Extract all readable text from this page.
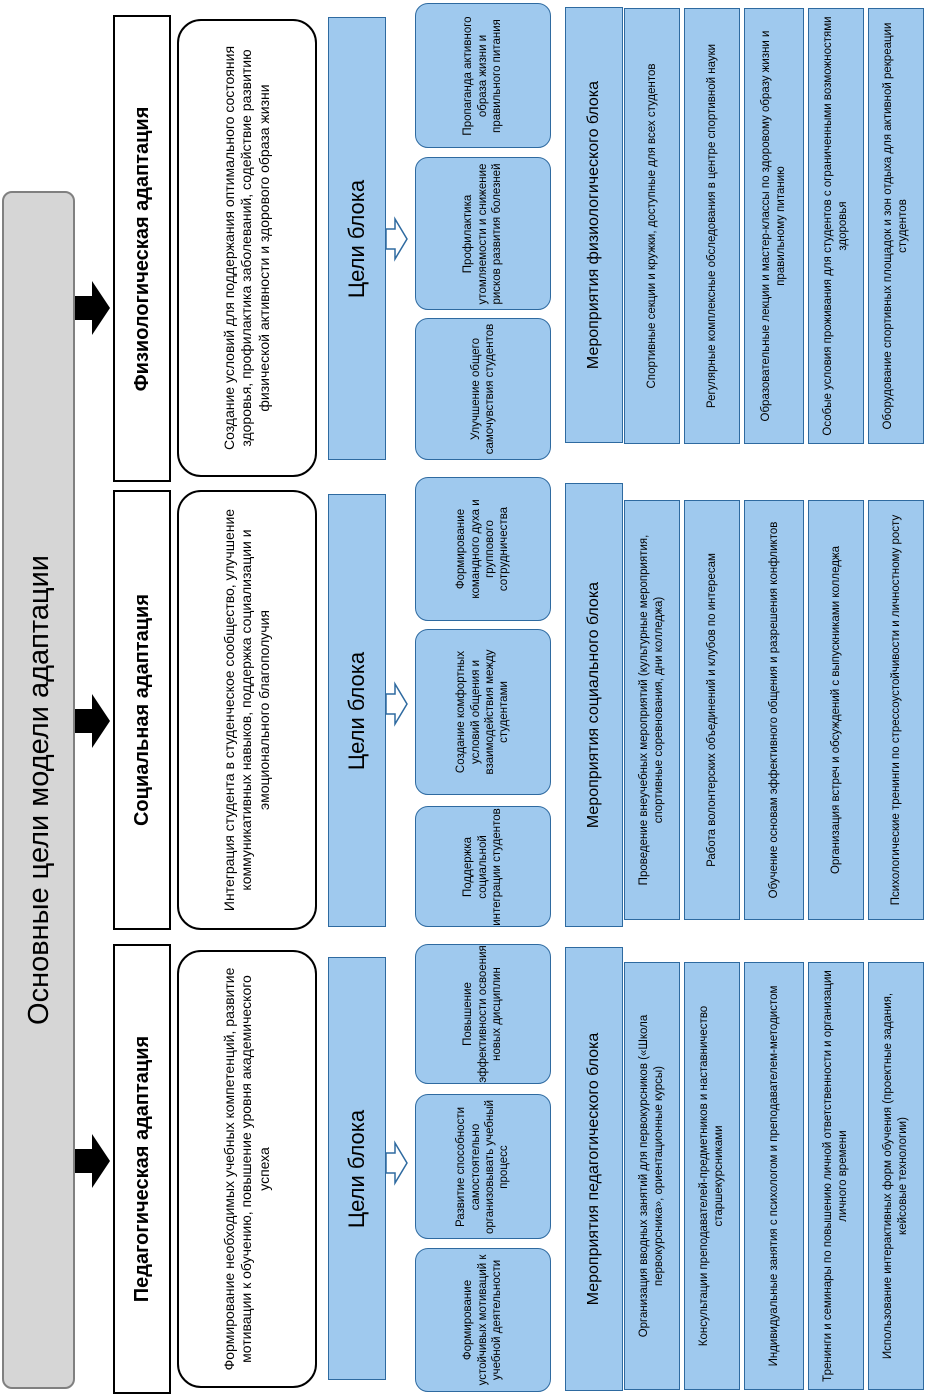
Основные цели модели адаптации
Физиологическая адаптация	Создание условий для поддержания оптимального состояния здоровья, профилактика заболеваний, содействие развитию физической активности и здорового образа жизни	Цели блока
Улучшение общего самочувствия студентов
Профилактика утомляемости и снижение рисков развития болезней
Пропаганда активного образа жизни и правильного питания
Мероприятия физиологического блока	Спортивные секции и кружки, доступные для всех студентов	Регулярные комплексные обследования в центре спортивной науки	Образовательные лекции и мастер-классы по здоровому образу жизни и правильному питанию	Особые условия проживания для студентов с ограниченными возможностями здоровья	Оборудование спортивных площадок и зон отдыха для активной рекреации студентов
Социальная адаптация	Интеграция студента в студенческое сообщество, улучшение коммуникативных навыков, поддержка социализации и эмоционального благополучия	Цели блока
Поддержка социальной интеграции студентов
Создание комфортных условий общения и взаимодействия между студентами
Формирование командного духа и группового сотрудничества
Мероприятия социального блока	Проведение внеучебных мероприятий (культурные мероприятия, спортивные соревнования, дни колледжа)	Работа волонтерских объединений и клубов по интересам	Обучение основам эффективного общения и разрешения конфликтов	Организация встреч и обсуждений с выпускниками колледжа	Психологические тренинги по стрессоустойчивости и личностному росту
Педагогическая адаптация	Формирование необходимых учебных компетенций, развитие мотивации к обучению, повышение уровня академического успеха	Цели блока
Формирование устойчивых мотиваций к учебной деятельности
Развитие способности самостоятельно организовывать учебный процесс
Повышение эффективности освоения новых дисциплин
Мероприятия педагогического блока	Организация вводных занятий для первокурсников («Школа первокурсника», ориентационные курсы)	Консультации преподавателей-предметников и наставничество старшекурсниками	Индивидуальные занятия с психологом и преподавателем-методистом	Тренинги и семинары по повышению личной ответственности и организации личного времени	Использование интерактивных форм обучения (проектные задания, кейсовые технологии)
